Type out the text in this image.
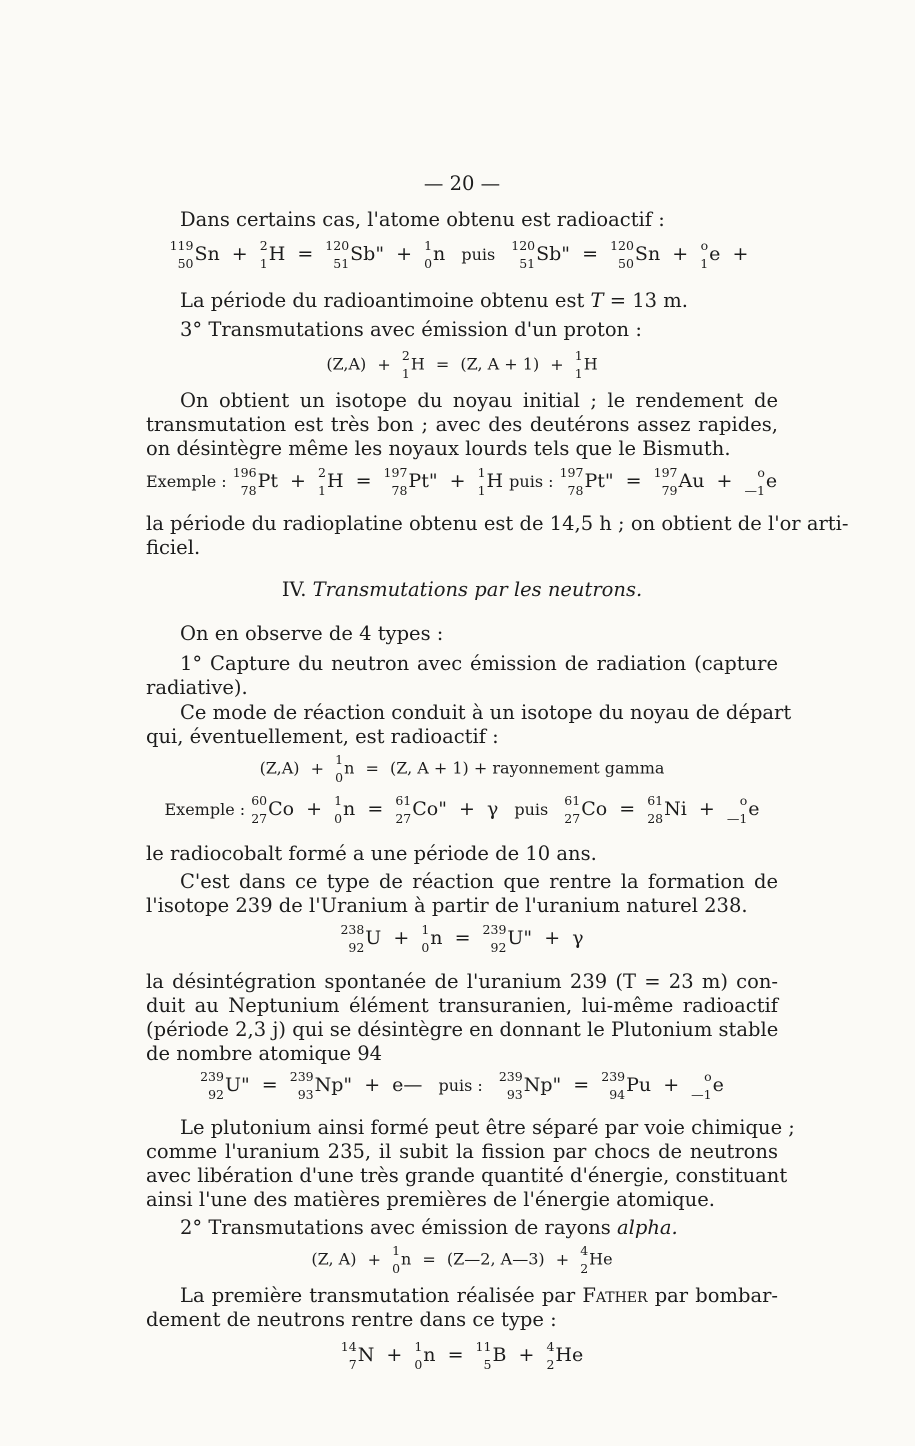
— 20 —
Dans certains cas, l'atome obtenu est radioactif :
119
50 Sn + 2
1 H = 120
51 Sb" + 1
0 n puis 120
51 Sb" = 120
50 Sn + o
1 e +
La période du radioantimoine obtenu est T = 13 m.
3° Transmutations avec émission d'un proton :
(Z,A) + 2
1 H = (Z, A + 1) + 1
1 H
On obtient un isotope du noyau initial ; le rendement de
transmutation est très bon ; avec des deutérons assez rapides,
on désintègre même les noyaux lourds tels que le Bismuth.
Exemple : 196
78 Pt + 2
1 H = 197
78 Pt" + 1
1 H puis : 197
78 Pt" = 197
79 Au +	o
—1 e
la période du radioplatine obtenu est de 14,5 h ; on obtient de l'or arti-
ficiel.
IV. Transmutations par les neutrons.
On en observe de 4 types :
1° Capture du neutron avec émission de radiation (capture
radiative).
Ce mode de réaction conduit à un isotope du noyau de départ
qui, éventuellement, est radioactif :
(Z,A) + 1
0 n = (Z, A + 1) + rayonnement gamma
Exemple : 60
27 Co + 1
0 n = 61
27 Co" + γ puis 61
27 Co = 61
28 Ni +	o
—1 e
le radiocobalt formé a une période de 10 ans.
C'est dans ce type de réaction que rentre la formation de
l'isotope 239 de l'Uranium à partir de l'uranium naturel 238.
238
92 U + 1
0 n = 239
92 U" + γ
la désintégration spontanée de l'uranium 239 (T = 23 m) con-
duit au Neptunium élément transuranien, lui-même radioactif
(période 2,3 j) qui se désintègre en donnant le Plutonium stable
de nombre atomique 94
239
92 U" = 239
93 Np" + e— puis : 239
93 Np" = 239
94 Pu +	o
—1 e
Le plutonium ainsi formé peut être séparé par voie chimique ;
comme l'uranium 235, il subit la fission par chocs de neutrons
avec libération d'une très grande quantité d'énergie, constituant
ainsi l'une des matières premières de l'énergie atomique.
2° Transmutations avec émission de rayons alpha.
(Z, A) + 1
0 n = (Z—2, A—3) + 4
2 He
La première transmutation réalisée par Father par bombar-
dement de neutrons rentre dans ce type :
14
7 N + 1
0 n = 11
5 B + 4
2 He
